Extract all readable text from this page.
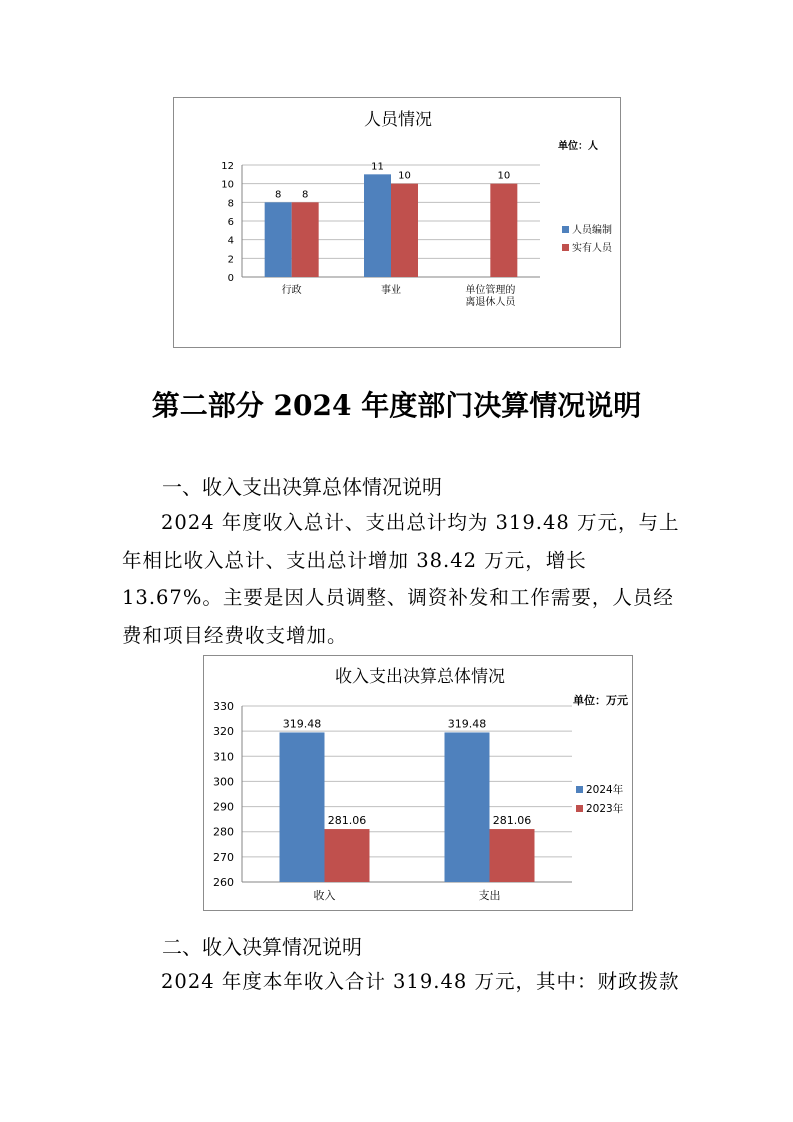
人员情况
单位：人
0
2
4
6
8
10
12
8 8
行政
11
10
事业
10
单位管理的
离退休人员
人员编制
实有人员
第二部分 2024 年度部门决算情况说明
一、收入支出决算总体情况说明
2024 年度收入总计、支出总计均为 319.48 万元，与上年相比收入总计、支出总计增加 38.42 万元，增长 13.67%。主要是因人员调整、调资补发和工作需要，人员经费和项目经费收支增加。
收入支出决算总体情况
单位：万元
260
270
280
290
300
310
320
330
319.48
281.06
收入
319.48
281.06
支出
2024年
2023年
二、收入决算情况说明
2024 年度本年收入合计 319.48 万元，其中：财政拨款
